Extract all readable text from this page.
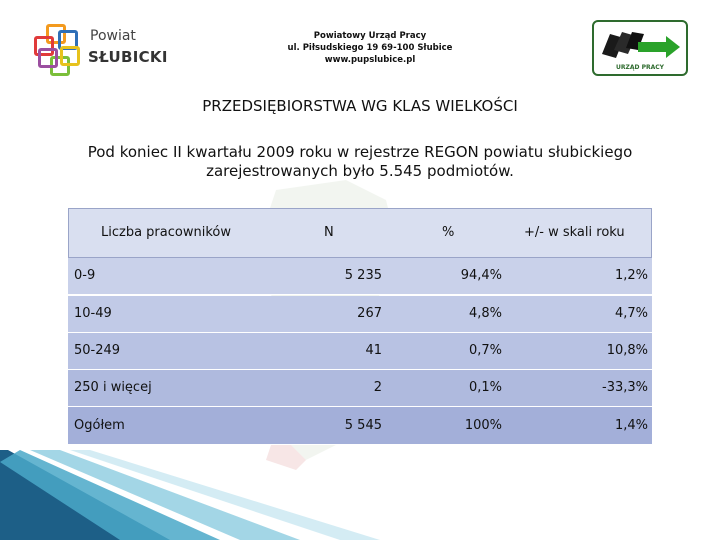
Powiat
SŁUBICKI
Powiatowy Urząd Pracy
ul. Piłsudskiego 19 69-100 Słubice
www.pupslubice.pl
URZĄD PRACY
PRZEDSIĘBIORSTWA WG KLAS WIELKOŚCI
Pod koniec II kwartału 2009 roku w rejestrze REGON powiatu słubickiego
zarejestrowanych było 5.545 podmiotów.
Liczba pracowników	N	%	+/- w skali roku
0-9	5 235	94,4%	1,2%
10-49	267	4,8%	4,7%
50-249	41	0,7%	10,8%
250 i więcej	2	0,1%	-33,3%
Ogółem	5 545	100%	1,4%
